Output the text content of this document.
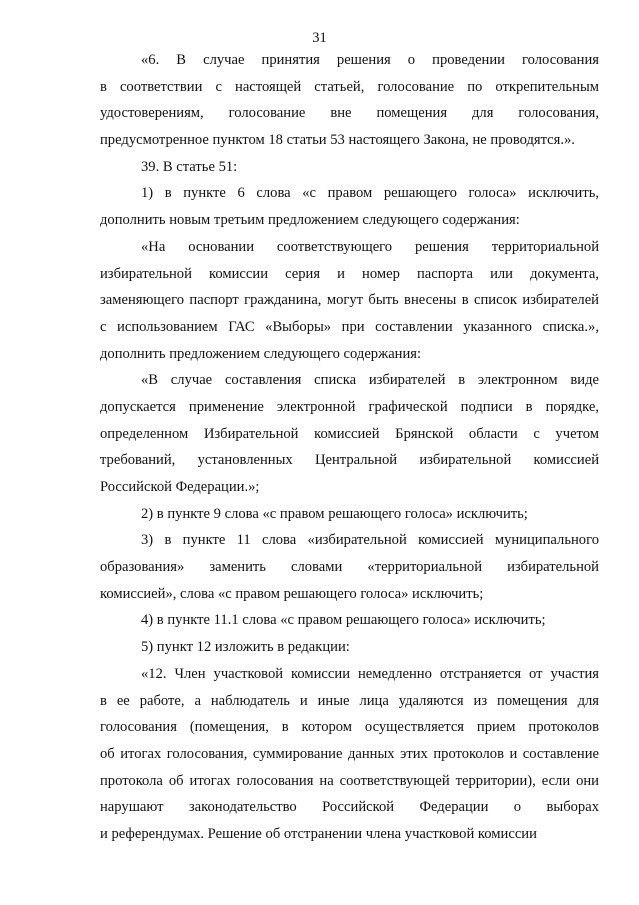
31
«6. В случае принятия решения о проведении голосования
в соответствии с настоящей статьей, голосование по открепительным
удостоверениям, голосование вне помещения для голосования,
предусмотренное пунктом 18 статьи 53 настоящего Закона, не проводятся.».
39. В статье 51:
1) в пункте 6 слова «с правом решающего голоса» исключить,
дополнить новым третьим предложением следующего содержания:
«На основании соответствующего решения территориальной
избирательной комиссии серия и номер паспорта или документа,
заменяющего паспорт гражданина, могут быть внесены в список избирателей
с использованием ГАС «Выборы» при составлении указанного списка.»,
дополнить предложением следующего содержания:
«В случае составления списка избирателей в электронном виде
допускается применение электронной графической подписи в порядке,
определенном Избирательной комиссией Брянской области с учетом
требований, установленных Центральной избирательной комиссией
Российской Федерации.»;
2) в пункте 9 слова «с правом решающего голоса» исключить;
3) в пункте 11 слова «избирательной комиссией муниципального
образования» заменить словами «территориальной избирательной
комиссией», слова «с правом решающего голоса» исключить;
4) в пункте 11.1 слова «с правом решающего голоса» исключить;
5) пункт 12 изложить в редакции:
«12. Член участковой комиссии немедленно отстраняется от участия
в ее работе, а наблюдатель и иные лица удаляются из помещения для
голосования (помещения, в котором осуществляется прием протоколов
об итогах голосования, суммирование данных этих протоколов и составление
протокола об итогах голосования на соответствующей территории), если они
нарушают законодательство Российской Федерации о выборах
и референдумах. Решение об отстранении члена участковой комиссии
